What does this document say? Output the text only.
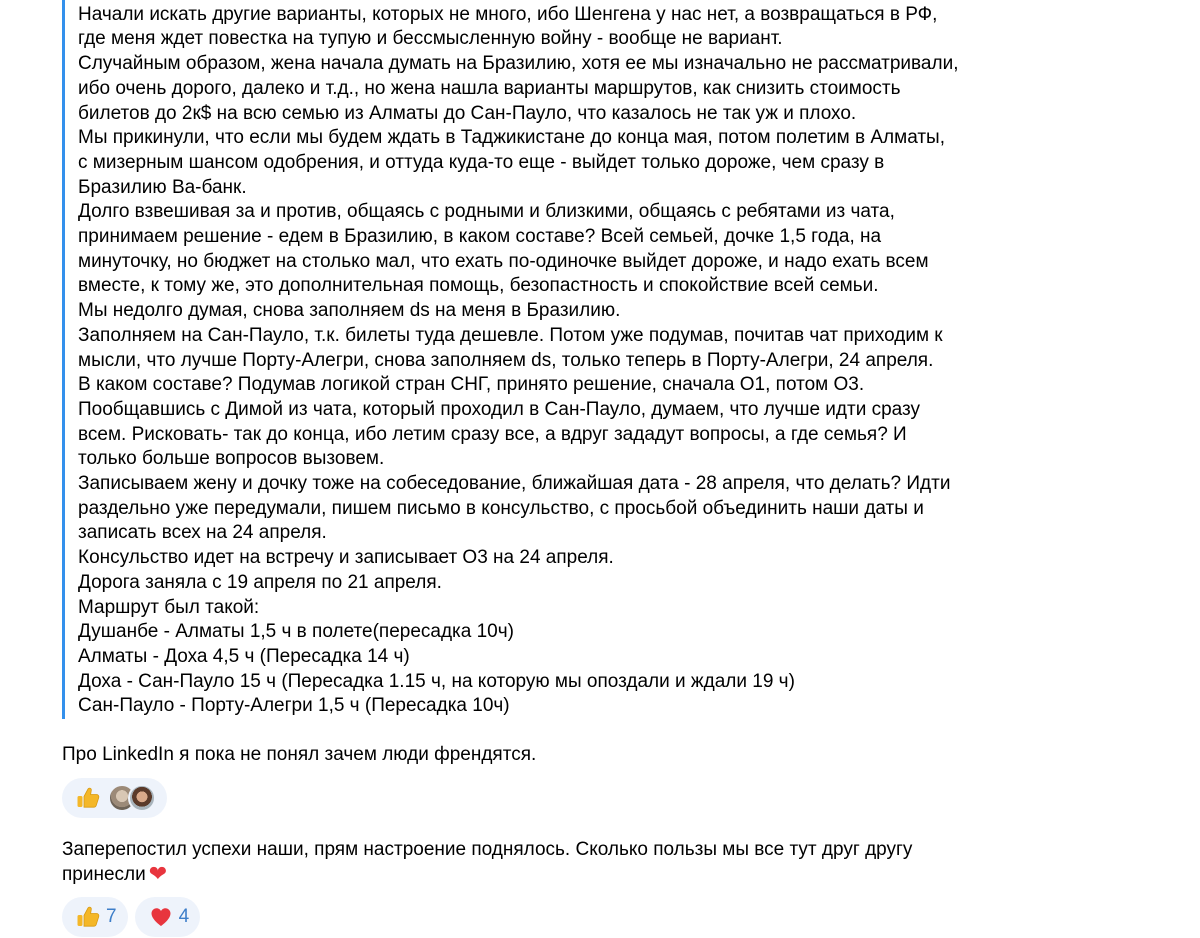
Начали искать другие варианты, которых не много, ибо Шенгена у нас нет, а возвращаться в РФ,
где меня ждет повестка на тупую и бессмысленную войну - вообще не вариант.
Случайным образом, жена начала думать на Бразилию, хотя ее мы изначально не рассматривали,
ибо очень дорого, далеко и т.д., но жена нашла варианты маршрутов, как снизить стоимость
билетов до 2к$ на всю семью из Алматы до Сан-Пауло, что казалось не так уж и плохо.
Мы прикинули, что если мы будем ждать в Таджикистане до конца мая, потом полетим в Алматы,
с мизерным шансом одобрения, и оттуда куда-то еще - выйдет только дороже, чем сразу в
Бразилию Ва-банк.
Долго взвешивая за и против, общаясь с родными и близкими, общаясь с ребятами из чата,
принимаем решение - едем в Бразилию, в каком составе? Всей семьей, дочке 1,5 года, на
минуточку, но бюджет на столько мал, что ехать по-одиночке выйдет дороже, и надо ехать всем
вместе, к тому же, это дополнительная помощь, безопастность и спокойствие всей семьи.
Мы недолго думая, снова заполняем ds на меня в Бразилию.
Заполняем на Сан-Пауло, т.к. билеты туда дешевле. Потом уже подумав, почитав чат приходим к
мысли, что лучше Порту-Алегри, снова заполняем ds, только теперь в Порту-Алегри, 24 апреля.
В каком составе? Подумав логикой стран СНГ, принято решение, сначала О1, потом О3.
Пообщавшись с Димой из чата, который проходил в Сан-Пауло, думаем, что лучше идти сразу
всем. Рисковать- так до конца, ибо летим сразу все, а вдруг зададут вопросы, а где семья? И
только больше вопросов вызовем.
Записываем жену и дочку тоже на собеседование, ближайшая дата - 28 апреля, что делать? Идти
раздельно уже передумали, пишем письмо в консульство, с просьбой объединить наши даты и
записать всех на 24 апреля.
Консульство идет на встречу и записывает О3 на 24 апреля.
Дорога заняла с 19 апреля по 21 апреля.
Маршрут был такой:
Душанбе - Алматы 1,5 ч в полете(пересадка 10ч)
Алматы - Доха 4,5 ч (Пересадка 14 ч)
Доха - Сан-Пауло 15 ч (Пересадка 1.15 ч, на которую мы опоздали и ждали 19 ч)
Сан-Пауло - Порту-Алегри 1,5 ч (Пересадка 10ч)
Про LinkedIn я пока не понял зачем люди френдятся.
Заперепостил успехи наши, прям настроение поднялось. Сколько пользы мы все тут друг другу
принесли ❤
7	4
